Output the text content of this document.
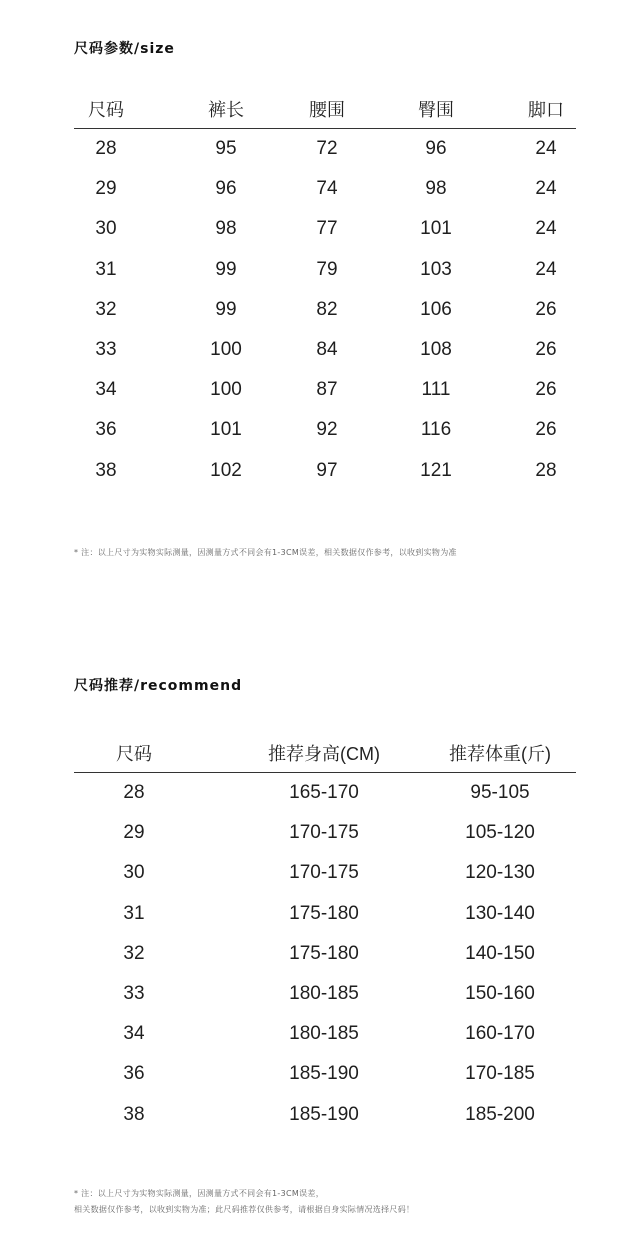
尺码参数/size
尺码	裤长	腰围	臀围	脚口
28	95	72	96	24
29	96	74	98	24
30	98	77	101	24
31	99	79	103	24
32	99	82	106	26
33	100	84	108	26
34	100	87	111	26
36	101	92	116	26
38	102	97	121	28
* 注：以上尺寸为实物实际测量，因测量方式不同会有1-3CM误差，相关数据仅作参考，以收到实物为准
尺码推荐/recommend
尺码	推荐身高(CM)	推荐体重(斤)
28	165-170	95-105
29	170-175	105-120
30	170-175	120-130
31	175-180	130-140
32	175-180	140-150
33	180-185	150-160
34	180-185	160-170
36	185-190	170-185
38	185-190	185-200
* 注：以上尺寸为实物实际测量，因测量方式不同会有1-3CM误差，
相关数据仅作参考，以收到实物为准；此尺码推荐仅供参考，请根据自身实际情况选择尺码！
